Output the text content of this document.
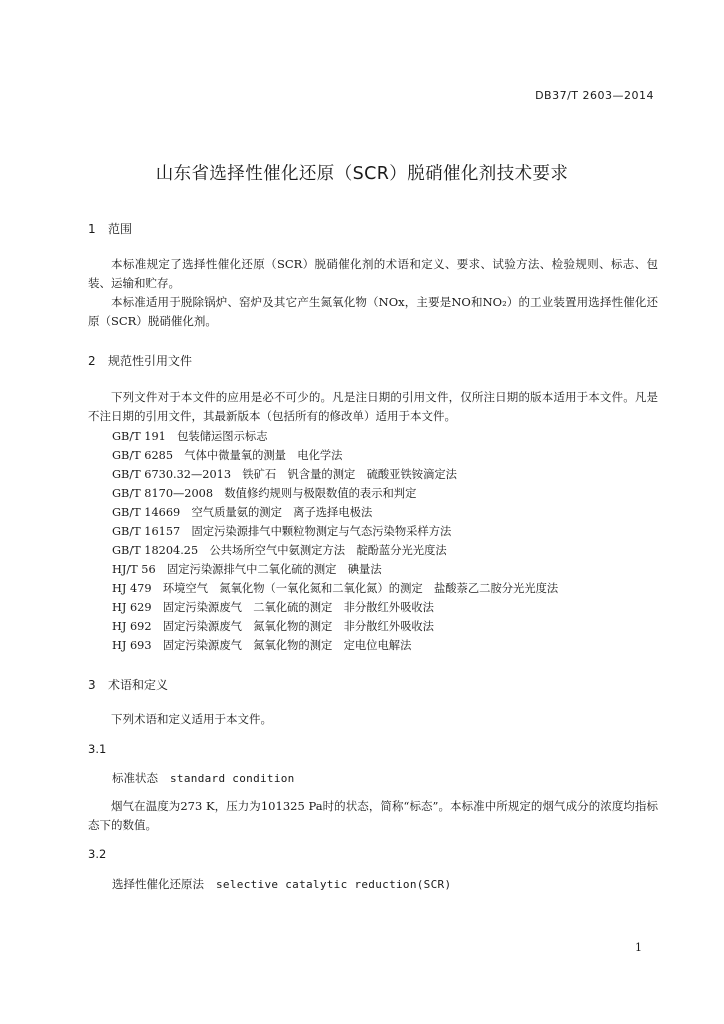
DB37/T 2603—2014
山东省选择性催化还原（SCR）脱硝催化剂技术要求
1 范围

本标准规定了选择性催化还原（SCR）脱硝催化剂的术语和定义、要求、试验方法、检验规则、标志、包装、运输和贮存。

本标准适用于脱除锅炉、窑炉及其它产生氮氧化物（NOx，主要是NO和NO₂）的工业装置用选择性催化还原（SCR）脱硝催化剂。

2 规范性引用文件

下列文件对于本文件的应用是必不可少的。凡是注日期的引用文件，仅所注日期的版本适用于本文件。凡是不注日期的引用文件，其最新版本（包括所有的修改单）适用于本文件。

GB/T 191　包装储运图示标志
GB/T 6285　气体中微量氧的测量　电化学法
GB/T 6730.32—2013　铁矿石　钒含量的测定　硫酸亚铁铵滴定法
GB/T 8170—2008　数值修约规则与极限数值的表示和判定
GB/T 14669　空气质量氨的测定　离子选择电极法
GB/T 16157　固定污染源排气中颗粒物测定与气态污染物采样方法
GB/T 18204.25　公共场所空气中氨测定方法　靛酚蓝分光光度法
HJ/T 56　固定污染源排气中二氧化硫的测定　碘量法
HJ 479　环境空气　氮氧化物（一氧化氮和二氧化氮）的测定　盐酸萘乙二胺分光光度法
HJ 629　固定污染源废气　二氧化硫的测定　非分散红外吸收法
HJ 692　固定污染源废气　氮氧化物的测定　非分散红外吸收法
HJ 693　固定污染源废气　氮氧化物的测定　定电位电解法
3 术语和定义

下列术语和定义适用于本文件。

3.1
标准状态 standard condition

烟气在温度为273 K，压力为101325 Pa时的状态，简称“标态”。本标准中所规定的烟气成分的浓度均指标态下的数值。

3.2
选择性催化还原法 selective catalytic reduction(SCR)
1
